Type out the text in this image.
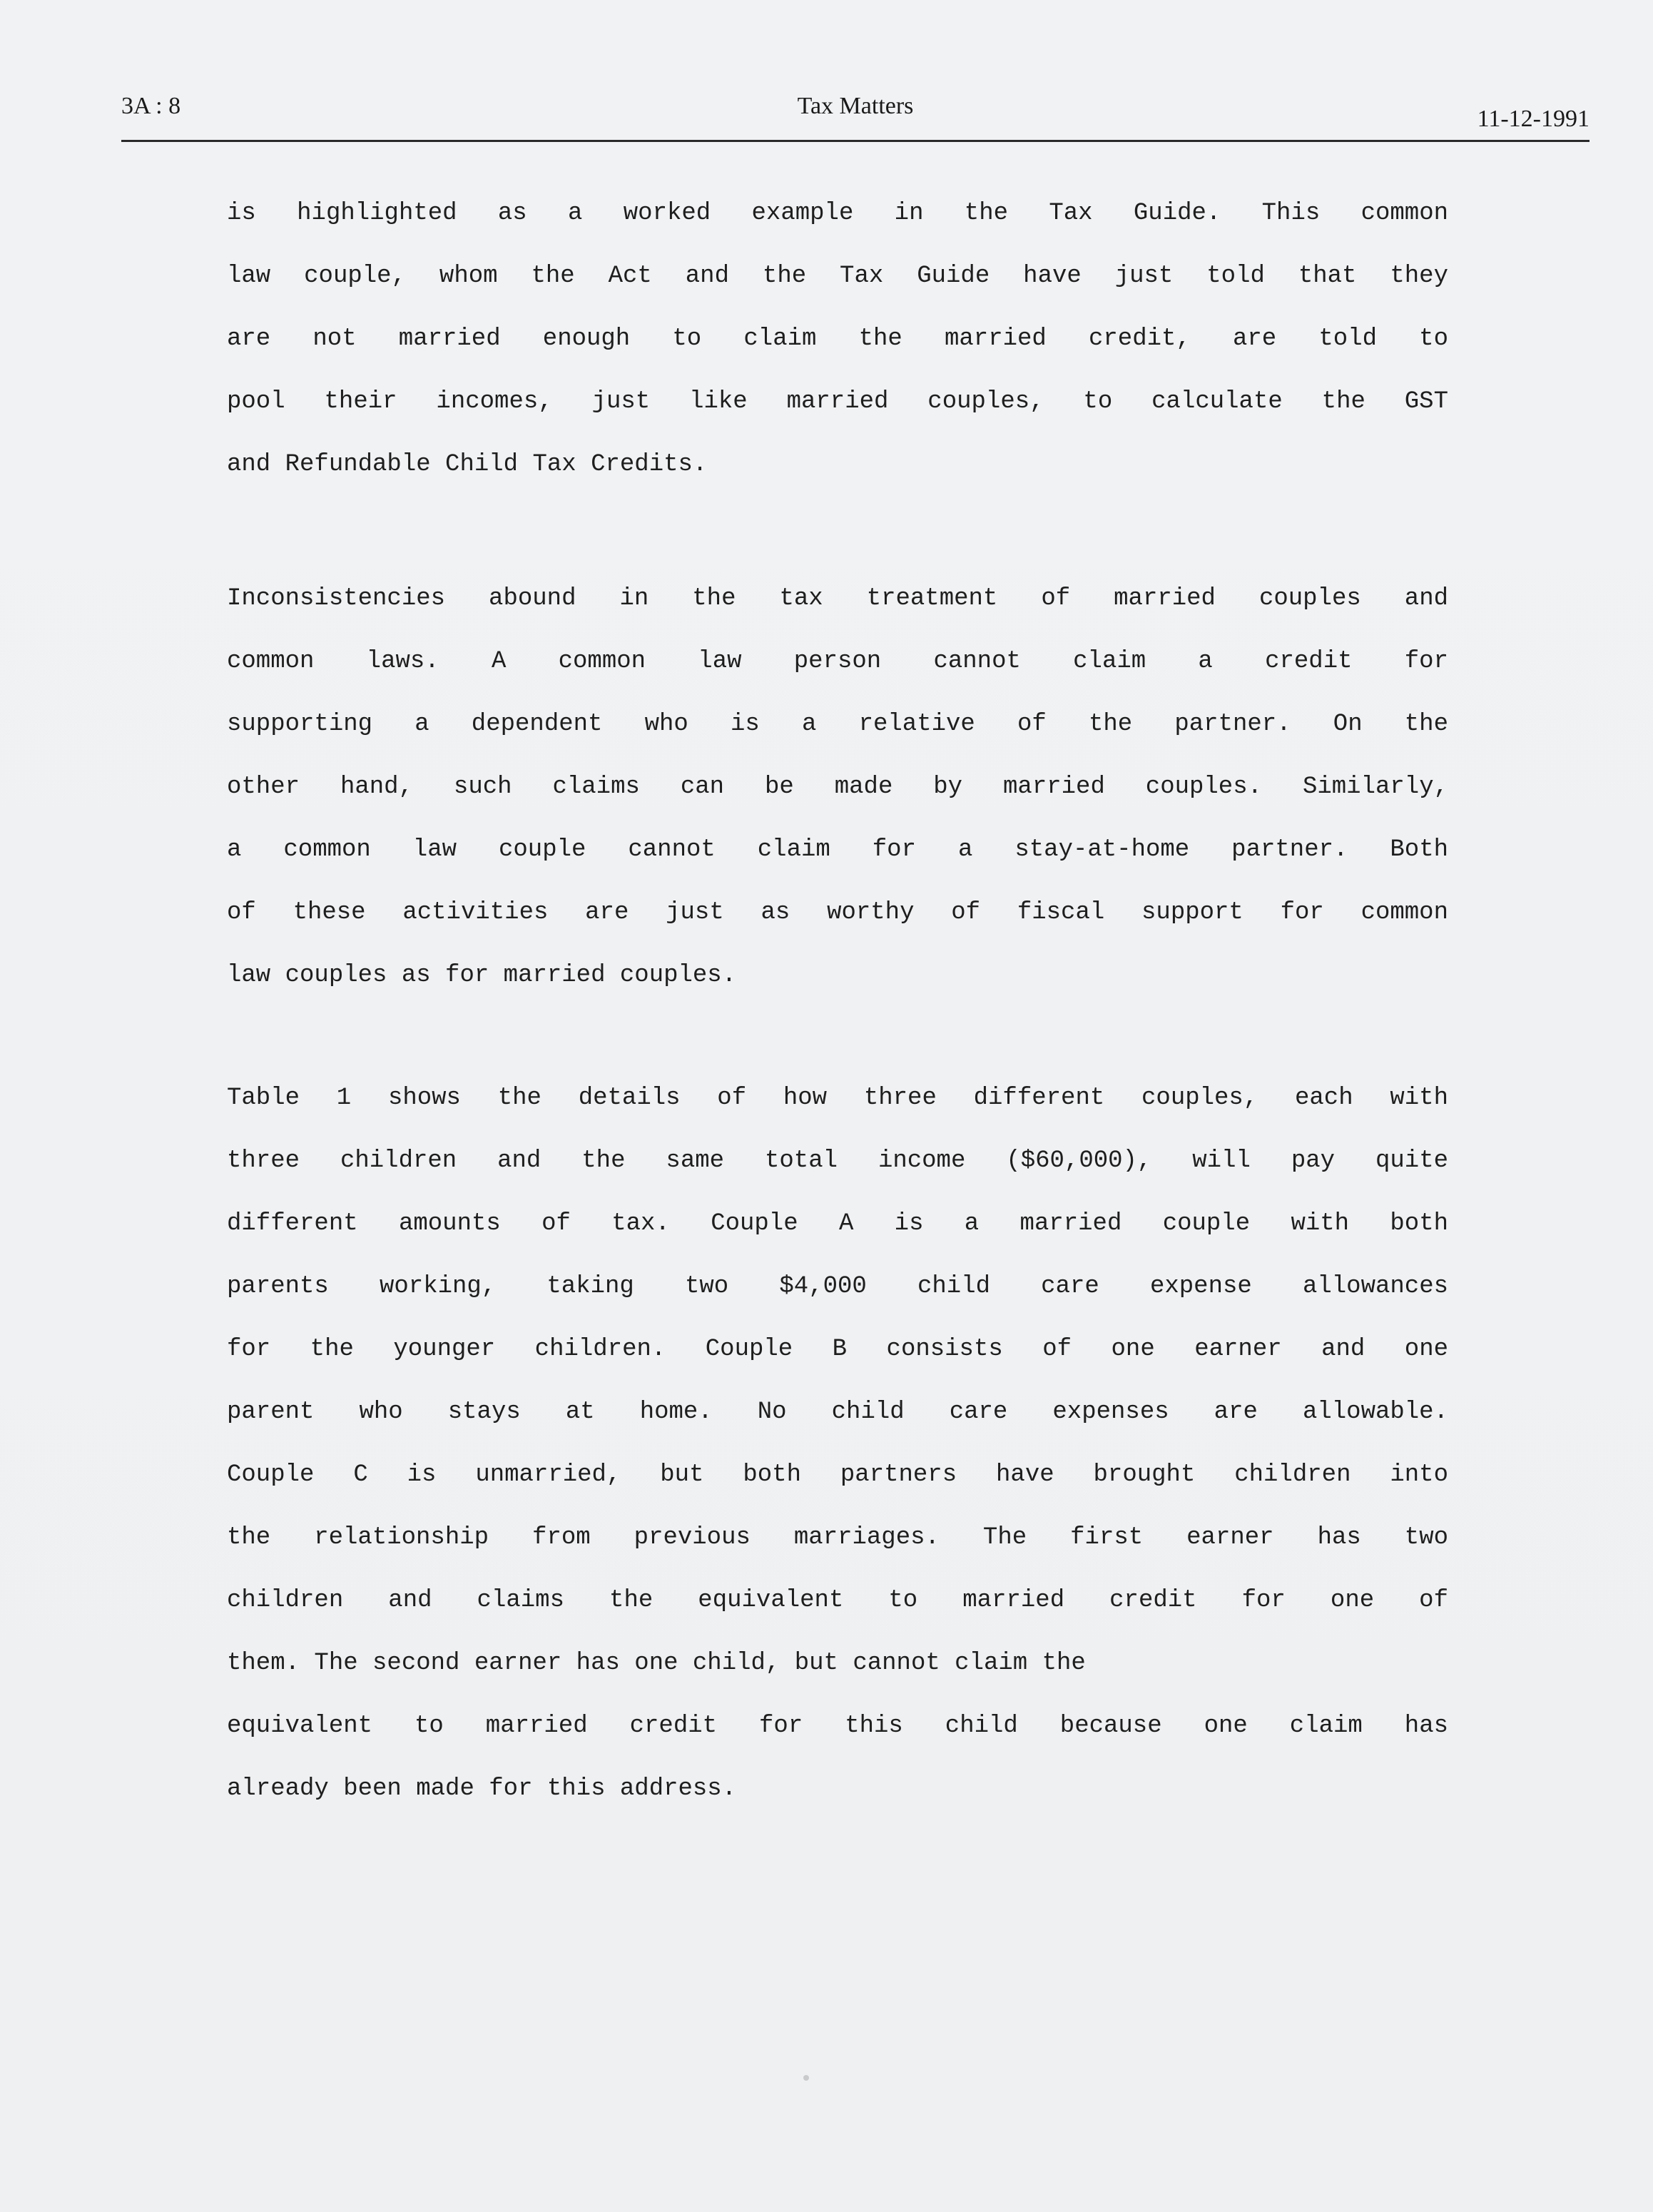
3A : 8	Tax Matters	11-12-1991
is highlighted as a worked example in the Tax Guide. This common
law couple, whom the Act and the Tax Guide have just told that they
are not married enough to claim the married credit, are told to
pool their incomes, just like married couples, to calculate the GST
and Refundable Child Tax Credits.
Inconsistencies abound in the tax treatment of married couples and
common laws. A common law person cannot claim a credit for
supporting a dependent who is a relative of the partner. On the
other hand, such claims can be made by married couples. Similarly,
a common law couple cannot claim for a stay-at-home partner. Both
of these activities are just as worthy of fiscal support for common
law couples as for married couples.
Table 1 shows the details of how three different couples, each with
three children and the same total income ($60,000), will pay quite
different amounts of tax. Couple A is a married couple with both
parents working, taking two $4,000 child care expense allowances
for the younger children. Couple B consists of one earner and one
parent who stays at home. No child care expenses are allowable.
Couple C is unmarried, but both partners have brought children into
the relationship from previous marriages. The first earner has two
children and claims the equivalent to married credit for one of
them. The second earner has one child, but cannot claim the
equivalent to married credit for this child because one claim has
already been made for this address.
